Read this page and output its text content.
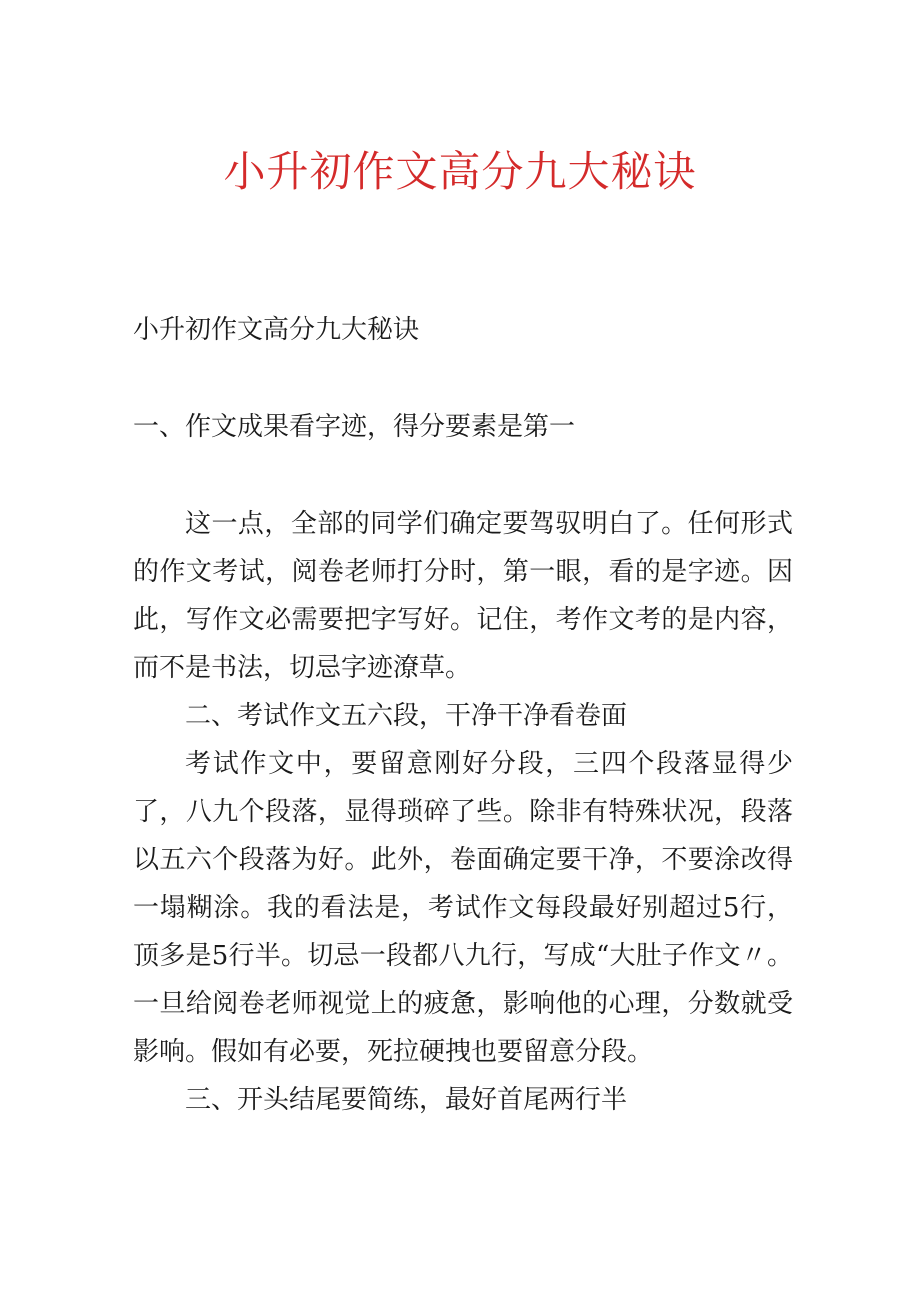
小升初作文高分九大秘诀
小升初作文高分九大秘诀
一、作文成果看字迹，得分要素是第一

这一点，全部的同学们确定要驾驭明白了。任何形式的作文考试，阅卷老师打分时，第一眼，看的是字迹。因此，写作文必需要把字写好。记住，考作文考的是内容，而不是书法，切忌字迹潦草。

二、考试作文五六段，干净干净看卷面

考试作文中，要留意刚好分段，三四个段落显得少了，八九个段落，显得琐碎了些。除非有特殊状况，段落以五六个段落为好。此外，卷面确定要干净，不要涂改得一塌糊涂。我的看法是，考试作文每段最好别超过5行，顶多是5行半。切忌一段都八九行，写成“大肚子作文〃。一旦给阅卷老师视觉上的疲惫，影响他的心理，分数就受影响。假如有必要，死拉硬拽也要留意分段。

三、开头结尾要简练，最好首尾两行半
